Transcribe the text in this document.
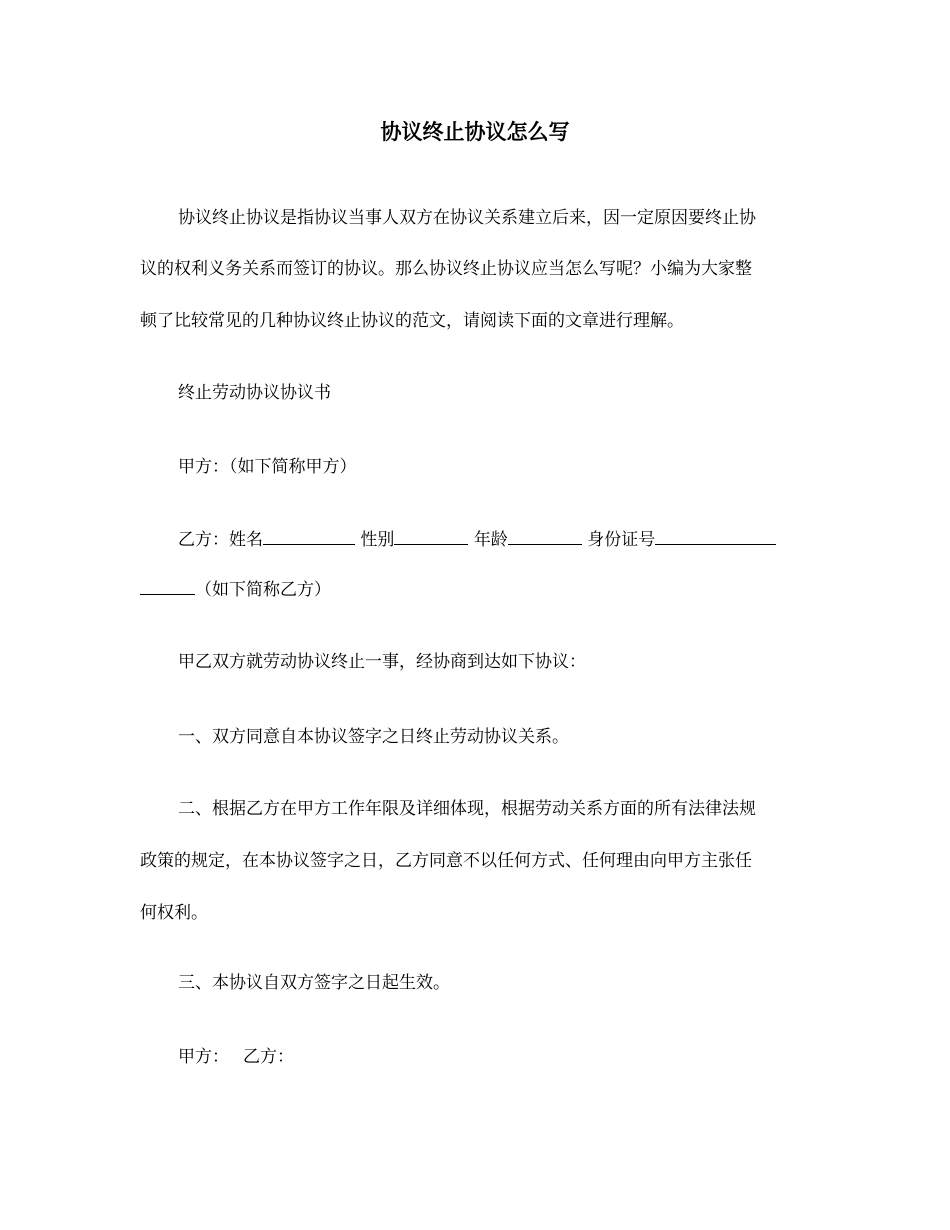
协议终止协议怎么写
协议终止协议是指协议当事人双方在协议关系建立后来，因一定原因要终止协
议的权利义务关系而签订的协议。那么协议终止协议应当怎么写呢？小编为大家整
顿了比较常见的几种协议终止协议的范文，请阅读下面的文章进行理解。
终止劳动协议协议书
甲方：（如下简称甲方）
乙方：姓名	性别	年龄	身份证号
（如下简称乙方）
甲乙双方就劳动协议终止一事，经协商到达如下协议：
一、双方同意自本协议签字之日终止劳动协议关系。
二、根据乙方在甲方工作年限及详细体现，根据劳动关系方面的所有法律法规
政策的规定，在本协议签字之日，乙方同意不以任何方式、任何理由向甲方主张任
何权利。
三、本协议自双方签字之日起生效。
甲方： 乙方：
